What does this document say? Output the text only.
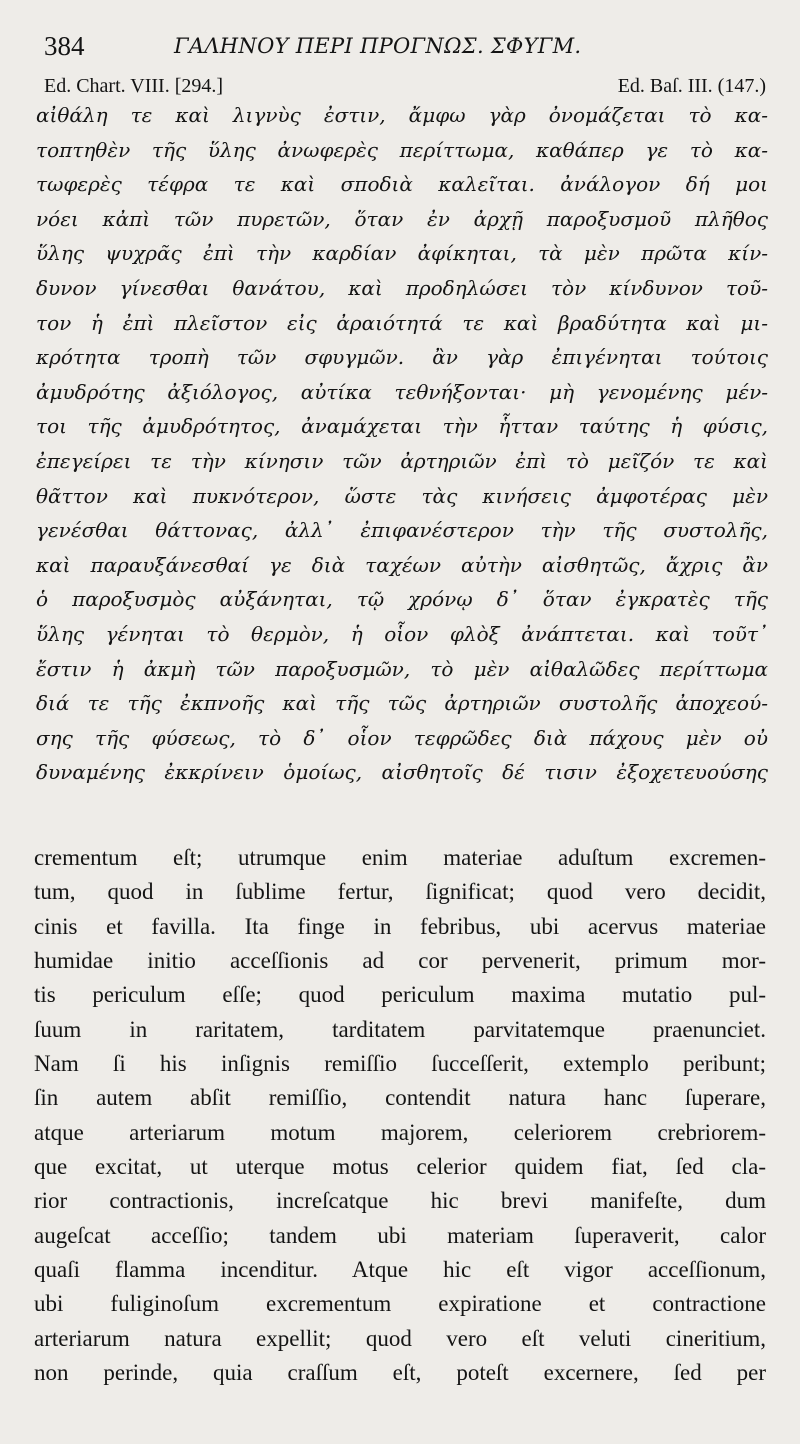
384	ΓΑΛΗΝΟΥ ΠΕΡΙ ΠΡΟΓΝΩΣ. ΣΦΥΓΜ.
Ed. Chart. VIII. [294.]	Ed. Baſ. III. (147.)
αἰθάλη τε καὶ λιγνὺς ἐστιν, ἄμφω γὰρ ὀνομάζεται τὸ κα-
τοπτηθὲν τῆς ὕλης ἀνωφερὲς περίττωμα, καθάπερ γε τὸ κα-
τωφερὲς τέφρα τε καὶ σποδιὰ καλεῖται. ἀνάλογον δή μοι
νόει κἀπὶ τῶν πυρετῶν, ὅταν ἐν ἀρχῇ παροξυσμοῦ πλῆθος
ὕλης ψυχρᾶς ἐπὶ τὴν καρδίαν ἀφίκηται, τὰ μὲν πρῶτα κίν-
δυνον γίνεσθαι θανάτου, καὶ προδηλώσει τὸν κίνδυνον τοῦ-
τον ἡ ἐπὶ πλεῖστον εἰς ἀραιότητά τε καὶ βραδύτητα καὶ μι-
κρότητα τροπὴ τῶν σφυγμῶν. ἂν γὰρ ἐπιγένηται τούτοις
ἀμυδρότης ἀξιόλογος, αὐτίκα τεθνήξονται· μὴ γενομένης μέν-
τοι τῆς ἀμυδρότητος, ἀναμάχεται τὴν ἧτταν ταύτης ἡ φύσις,
ἐπεγείρει τε τὴν κίνησιν τῶν ἀρτηριῶν ἐπὶ τὸ μεῖζόν τε καὶ
θᾶττον καὶ πυκνότερον, ὥστε τὰς κινήσεις ἀμφοτέρας μὲν
γενέσθαι θάττονας, ἀλλ᾽ ἐπιφανέστερον τὴν τῆς συστολῆς,
καὶ παραυξάνεσθαί γε διὰ ταχέων αὐτὴν αἰσθητῶς, ἄχρις ἂν
ὁ παροξυσμὸς αὐξάνηται, τῷ χρόνῳ δ᾽ ὅταν ἐγκρατὲς τῆς
ὕλης γένηται τὸ θερμὸν, ἡ οἷον φλὸξ ἀνάπτεται. καὶ τοῦτ᾽
ἔστιν ἡ ἀκμὴ τῶν παροξυσμῶν, τὸ μὲν αἰθαλῶδες περίττωμα
διά τε τῆς ἐκπνοῆς καὶ τῆς τῶς ἀρτηριῶν συστολῆς ἀποχεού-
σης τῆς φύσεως, τὸ δ᾽ οἷον τεφρῶδες διὰ πάχους μὲν οὐ
δυναμένης ἐκκρίνειν ὁμοίως, αἰσθητοῖς δέ τισιν ἐξοχετευούσης
crementum eſt; utrumque enim materiae aduſtum excremen-
tum, quod in ſublime fertur, ſignificat; quod vero decidit,
cinis et favilla. Ita finge in febribus, ubi acervus materiae
humidae initio acceſſionis ad cor pervenerit, primum mor-
tis periculum eſſe; quod periculum maxima mutatio pul-
ſuum in raritatem, tarditatem parvitatemque praenunciet.
Nam ſi his inſignis remiſſio ſucceſſerit, extemplo peribunt;
ſin autem abſit remiſſio, contendit natura hanc ſuperare,
atque arteriarum motum majorem, celeriorem crebriorem-
que excitat, ut uterque motus celerior quidem fiat, ſed cla-
rior contractionis, increſcatque hic brevi manifeſte, dum
augeſcat acceſſio; tandem ubi materiam ſuperaverit, calor
quaſi flamma incenditur. Atque hic eſt vigor acceſſionum,
ubi fuliginoſum excrementum expiratione et contractione
arteriarum natura expellit; quod vero eſt veluti cineritium,
non perinde, quia craſſum eſt, poteſt excernere, ſed per
